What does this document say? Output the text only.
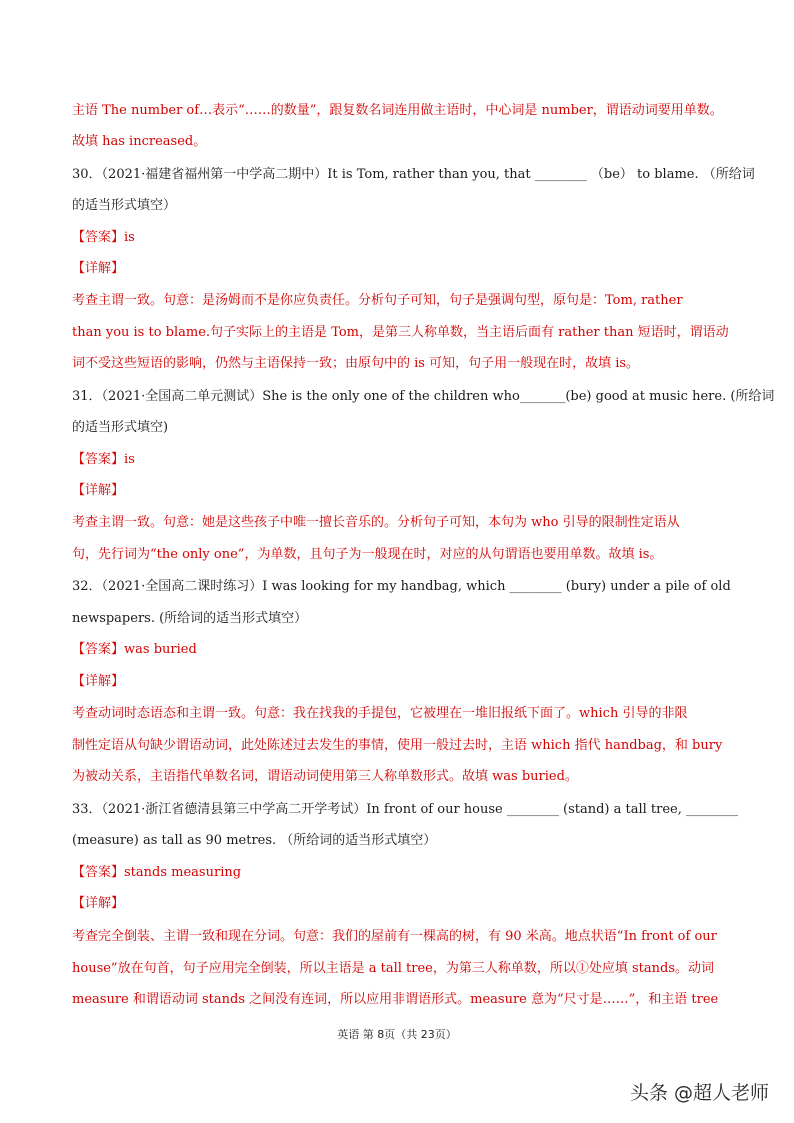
主语 The number of…表示“……的数量”，跟复数名词连用做主语时，中心词是 number，谓语动词要用单数。
故填 has increased。
30．（2021·福建省福州第一中学高二期中）It is Tom, rather than you, that ________ （be） to blame. （所给词
的适当形式填空）
【答案】is
【详解】
考查主谓一致。句意：是汤姆而不是你应负责任。分析句子可知，句子是强调句型，原句是：Tom, rather
than you is to blame.句子实际上的主语是 Tom，是第三人称单数，当主语后面有 rather than 短语时，谓语动
词不受这些短语的影响，仍然与主语保持一致；由原句中的 is 可知，句子用一般现在时，故填 is。
31．（2021·全国高二单元测试）She is the only one of the children who_______(be) good at music here. (所给词
的适当形式填空)
【答案】is
【详解】
考查主谓一致。句意：她是这些孩子中唯一擅长音乐的。分析句子可知，本句为 who 引导的限制性定语从
句，先行词为“the only one”，为单数，且句子为一般现在时，对应的从句谓语也要用单数。故填 is。
32．（2021·全国高二课时练习）I was looking for my handbag, which ________ (bury) under a pile of old
newspapers. (所给词的适当形式填空）
【答案】was buried
【详解】
考查动词时态语态和主谓一致。句意：我在找我的手提包，它被埋在一堆旧报纸下面了。which 引导的非限
制性定语从句缺少谓语动词，此处陈述过去发生的事情，使用一般过去时，主语 which 指代 handbag，和 bury
为被动关系，主语指代单数名词，谓语动词使用第三人称单数形式。故填 was buried。
33．（2021·浙江省德清县第三中学高二开学考试）In front of our house ________ (stand) a tall tree, ________
(measure) as tall as 90 metres. （所给词的适当形式填空）
【答案】stands measuring
【详解】
考查完全倒装、主谓一致和现在分词。句意：我们的屋前有一棵高的树，有 90 米高。地点状语“In front of our
house”放在句首，句子应用完全倒装，所以主语是 a tall tree，为第三人称单数，所以①处应填 stands。动词
measure 和谓语动词 stands 之间没有连词，所以应用非谓语形式。measure 意为“尺寸是……”，和主语 tree
英语 第 8页（共 23页）
头条 @超人老师
